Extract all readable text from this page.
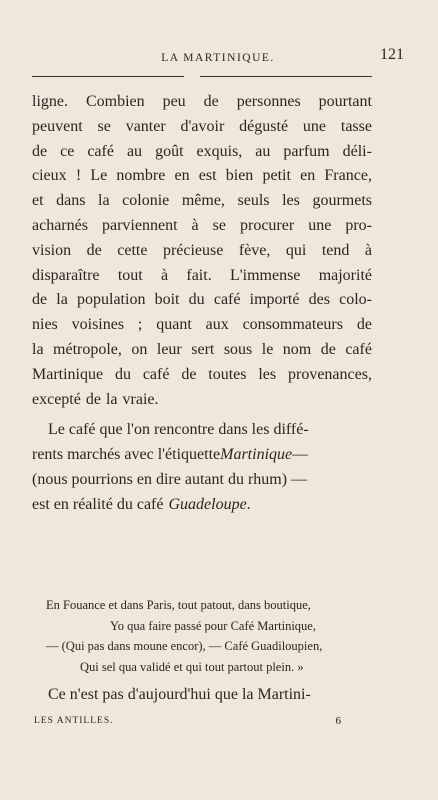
LA MARTINIQUE.	121
ligne. Combien peu de personnes pourtant
peuvent se vanter d'avoir dégusté une tasse
de ce café au goût exquis, au parfum déli-
cieux ! Le nombre en est bien petit en France,
et dans la colonie même, seuls les gourmets
acharnés parviennent à se procurer une pro-
vision de cette précieuse fève, qui tend à
disparaître tout à fait. L'immense majorité
de la population boit du café importé des colo-
nies voisines ; quant aux consommateurs de
la métropole, on leur sert sous le nom de café
Martinique du café de toutes les provenances,
excepté de la vraie.
Le café que l'on rencontre dans les diffé-
rents marchés avec l'étiquetteMartinique—
(nous pourrions en dire autant du rhum) —
est en réalité du caféGuadeloupe.
En Fouance et dans Paris, tout patout, dans boutique,
Yo qua faire passé pour Café Martinique,
— (Qui pas dans moune encor), — Café Guadiloupien,
Qui sel qua validé et qui tout partout plein. »
Ce n'est pas d'aujourd'hui que la Martini-
LES ANTILLES.	6
